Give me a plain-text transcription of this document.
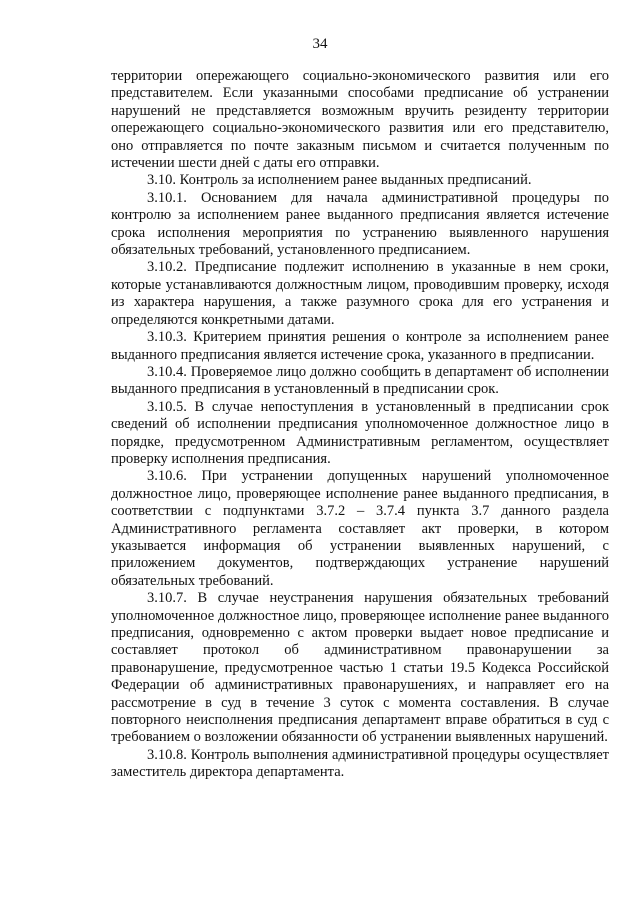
34

территории опережающего социально-экономического развития или его представителем. Если указанными способами предписание об устранении нарушений не представляется возможным вручить резиденту территории опережающего социально-экономического развития или его представителю, оно отправляется по почте заказным письмом и считается полученным по истечении шести дней с даты его отправки.

3.10. Контроль за исполнением ранее выданных предписаний.

3.10.1. Основанием для начала административной процедуры по контролю за исполнением ранее выданного предписания является истечение срока исполнения мероприятия по устранению выявленного нарушения обязательных требований, установленного предписанием.

3.10.2. Предписание подлежит исполнению в указанные в нем сроки, которые устанавливаются должностным лицом, проводившим проверку, исходя из характера нарушения, а также разумного срока для его устранения и определяются конкретными датами.

3.10.3. Критерием принятия решения о контроле за исполнением ранее выданного предписания является истечение срока, указанного в предписании.

3.10.4. Проверяемое лицо должно сообщить в департамент об исполнении выданного предписания в установленный в предписании срок.

3.10.5. В случае непоступления в установленный в предписании срок сведений об исполнении предписания уполномоченное должностное лицо в порядке, предусмотренном Административным регламентом, осуществляет проверку исполнения предписания.

3.10.6. При устранении допущенных нарушений уполномоченное должностное лицо, проверяющее исполнение ранее выданного предписания, в соответствии с подпунктами 3.7.2 – 3.7.4 пункта 3.7 данного раздела Административного регламента составляет акт проверки, в котором указывается информация об устранении выявленных нарушений, с приложением документов, подтверждающих устранение нарушений обязательных требований.

3.10.7. В случае неустранения нарушения обязательных требований уполномоченное должностное лицо, проверяющее исполнение ранее выданного предписания, одновременно с актом проверки выдает новое предписание и составляет протокол об административном правонарушении за правонарушение, предусмотренное частью 1 статьи 19.5 Кодекса Российской Федерации об административных правонарушениях, и направляет его на рассмотрение в суд в течение 3 суток с момента составления. В случае повторного неисполнения предписания департамент вправе обратиться в суд с требованием о возложении обязанности об устранении выявленных нарушений.

3.10.8. Контроль выполнения административной процедуры осуществляет заместитель директора департамента.
